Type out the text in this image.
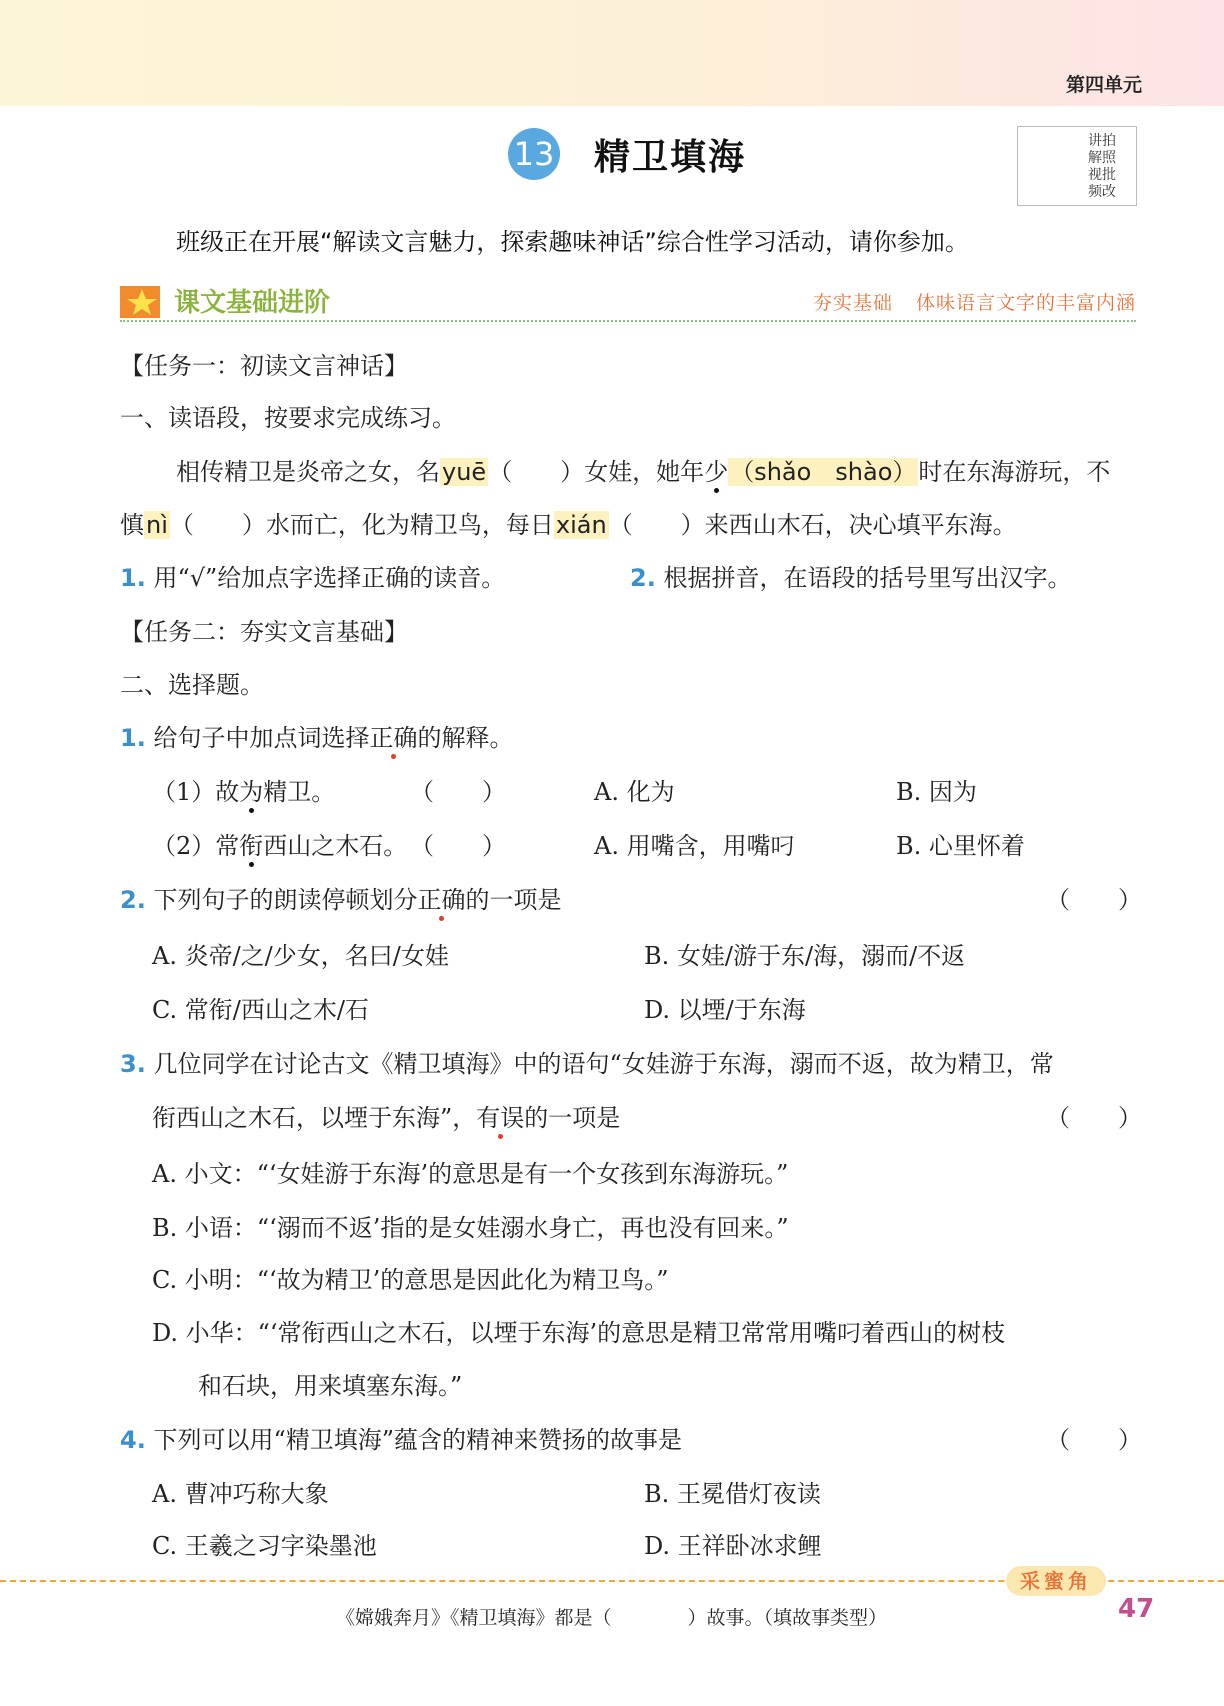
第四单元
13 精卫填海	讲拍解照视批频改
班级正在开展“解读文言魅力，探索趣味神话”综合性学习活动，请你参加。
课文基础进阶	夯实基础 体味语言文字的丰富内涵
【任务一：初读文言神话】
一、读语段，按要求完成练习。
相传精卫是炎帝之女，名yuē（　　）女娃，她年少（shǎo　shào）时在东海游玩，不
慎nì（　　）水而亡，化为精卫鸟，每日xián（　　）来西山木石，决心填平东海。
1. 用“√”给加点字选择正确的读音。	2. 根据拼音，在语段的括号里写出汉字。
【任务二：夯实文言基础】
二、选择题。
1. 给句子中加点词选择正确的解释。
（1）故为精卫。	（　　）	A. 化为	B. 因为
（2）常衔西山之木石。 （　　）	A. 用嘴含，用嘴叼	B. 心里怀着
2. 下列句子的朗读停顿划分正确的一项是	（　　）
A. 炎帝/之/少女，名曰/女娃	B. 女娃/游于东/海，溺而/不返
C. 常衔/西山之木/石	D. 以堙/于东海
3. 几位同学在讨论古文《精卫填海》中的语句“女娃游于东海，溺而不返，故为精卫，常
衔西山之木石，以堙于东海”，有误的一项是	（　　）
A. 小文：“‘女娃游于东海’的意思是有一个女孩到东海游玩。”
B. 小语：“‘溺而不返’指的是女娃溺水身亡，再也没有回来。”
C. 小明：“‘故为精卫’的意思是因此化为精卫鸟。”
D. 小华：“‘常衔西山之木石，以堙于东海’的意思是精卫常常用嘴叼着西山的树枝
和石块，用来填塞东海。”
4. 下列可以用“精卫填海”蕴含的精神来赞扬的故事是	（　　）
A. 曹冲巧称大象	B. 王冕借灯夜读
C. 王羲之习字染墨池	D. 王祥卧冰求鲤
采蜜角
《嫦娥奔月》《精卫填海》都是（　　　　）故事。（填故事类型）	47
